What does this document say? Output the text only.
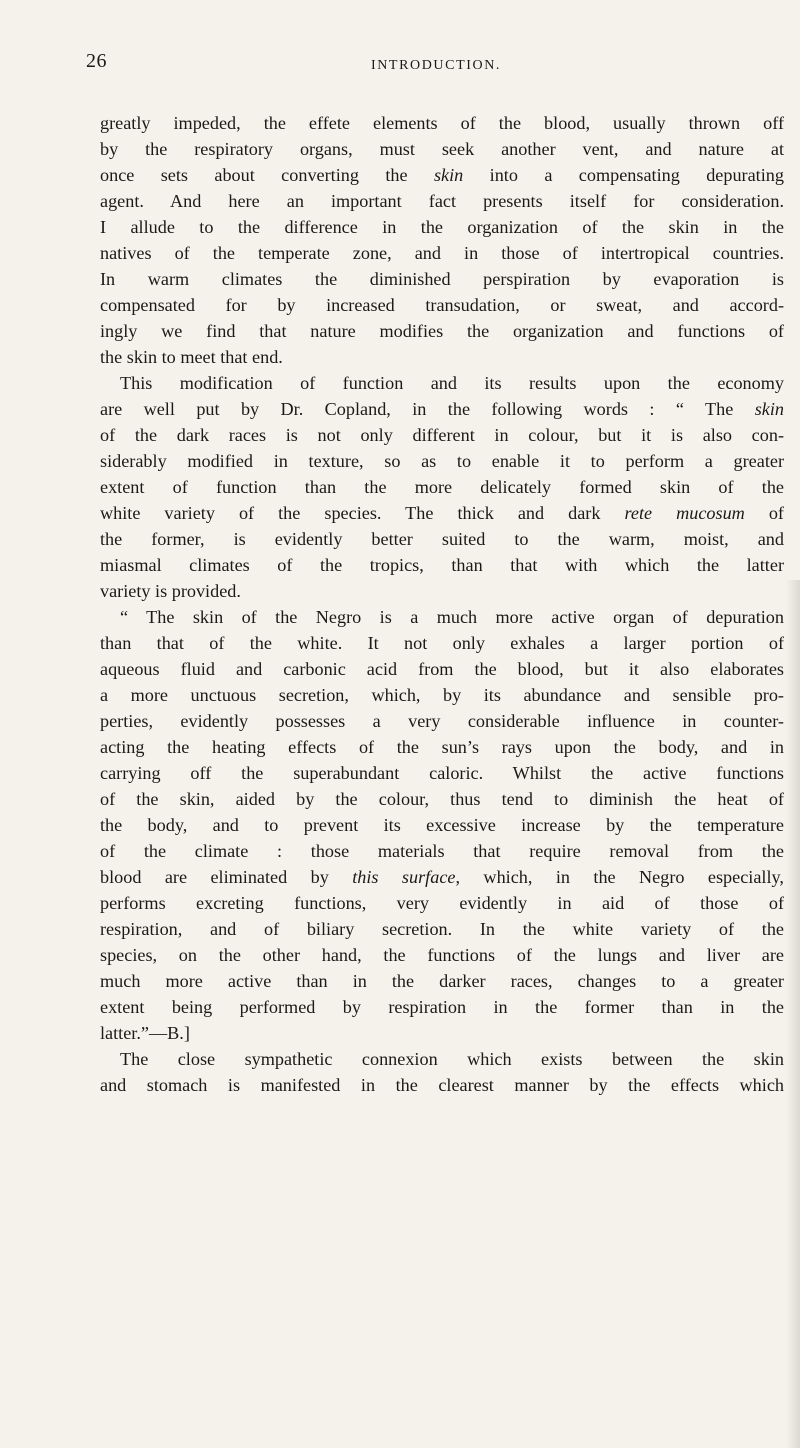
26	INTRODUCTION.
greatly impeded, the effete elements of the blood, usually thrown off
by the respiratory organs, must seek another vent, and nature at
once sets about converting the skin into a compensating depurating
agent. And here an important fact presents itself for consideration.
I allude to the difference in the organization of the skin in the
natives of the temperate zone, and in those of intertropical countries.
In warm climates the diminished perspiration by evaporation is
compensated for by increased transudation, or sweat, and accord-
ingly we find that nature modifies the organization and functions of
the skin to meet that end.
This modification of function and its results upon the economy
are well put by Dr. Copland, in the following words : “ The skin
of the dark races is not only different in colour, but it is also con-
siderably modified in texture, so as to enable it to perform a greater
extent of function than the more delicately formed skin of the
white variety of the species. The thick and dark rete mucosum of
the former, is evidently better suited to the warm, moist, and
miasmal climates of the tropics, than that with which the latter
variety is provided.
“ The skin of the Negro is a much more active organ of depuration
than that of the white. It not only exhales a larger portion of
aqueous fluid and carbonic acid from the blood, but it also elaborates
a more unctuous secretion, which, by its abundance and sensible pro-
perties, evidently possesses a very considerable influence in counter-
acting the heating effects of the sun’s rays upon the body, and in
carrying off the superabundant caloric. Whilst the active functions
of the skin, aided by the colour, thus tend to diminish the heat of
the body, and to prevent its excessive increase by the temperature
of the climate : those materials that require removal from the
blood are eliminated by this surface, which, in the Negro especially,
performs excreting functions, very evidently in aid of those of
respiration, and of biliary secretion. In the white variety of the
species, on the other hand, the functions of the lungs and liver are
much more active than in the darker races, changes to a greater
extent being performed by respiration in the former than in the
latter.”—B.]
The close sympathetic connexion which exists between the skin
and stomach is manifested in the clearest manner by the effects which
